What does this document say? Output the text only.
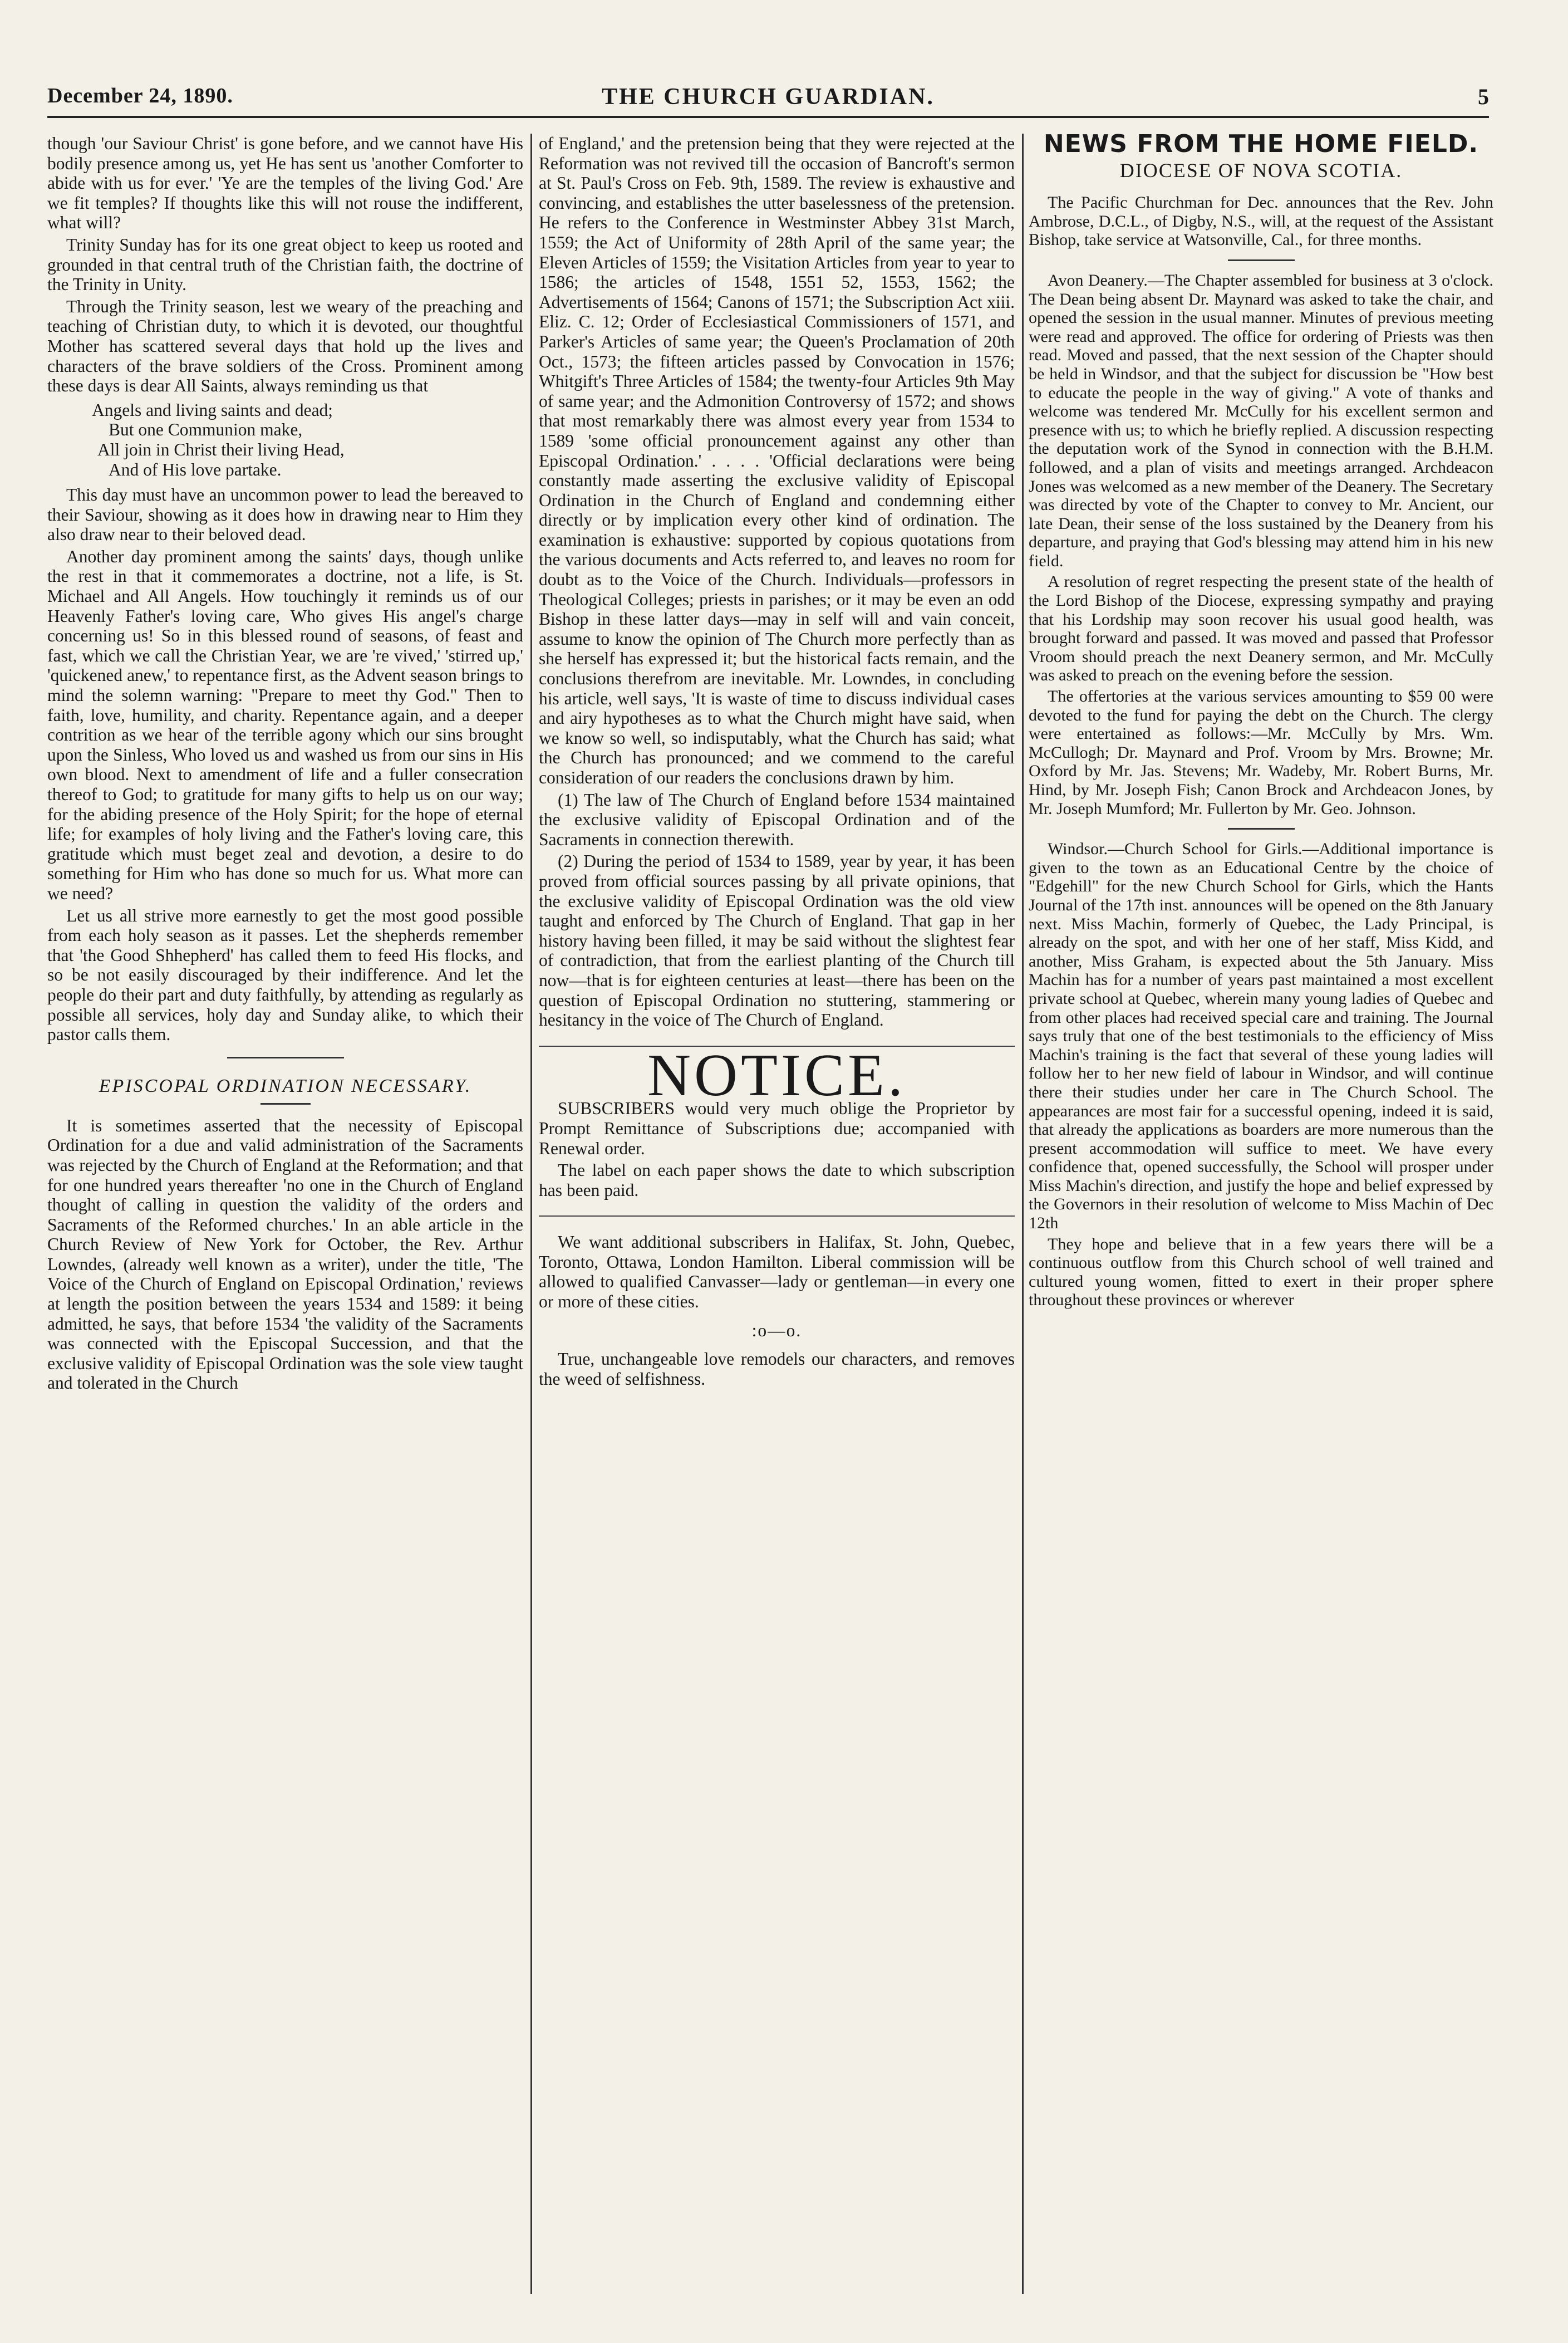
THE CHURCH GUARDIAN.
December 24, 1890.	5

though 'our Saviour Christ' is gone before, and we cannot have His bodily presence among us, yet He has sent us 'another Comforter to abide with us for ever.' 'Ye are the temples of the living God.' Are we fit temples? If thoughts like this will not rouse the indifferent, what will?

Trinity Sunday has for its one great object to keep us rooted and grounded in that central truth of the Christian faith, the doctrine of the Trinity in Unity.

Through the Trinity season, lest we weary of the preaching and teaching of Christian duty, to which it is devoted, our thoughtful Mother has scattered several days that hold up the lives and characters of the brave soldiers of the Cross. Prominent among these days is dear All Saints, always reminding us that

Angels and living saints and dead;
But one Communion make,
All join in Christ their living Head,
And of His love partake.

This day must have an uncommon power to lead the bereaved to their Saviour, showing as it does how in drawing near to Him they also draw near to their beloved dead.

Another day prominent among the saints' days, though unlike the rest in that it commemorates a doctrine, not a life, is St. Michael and All Angels. How touchingly it reminds us of our Heavenly Father's loving care, Who gives His angel's charge concerning us! So in this blessed round of seasons, of feast and fast, which we call the Christian Year, we are 're vived,' 'stirred up,' 'quickened anew,' to repentance first, as the Advent season brings to mind the solemn warning: "Prepare to meet thy God." Then to faith, love, humility, and charity. Repentance again, and a deeper contrition as we hear of the terrible agony which our sins brought upon the Sinless, Who loved us and washed us from our sins in His own blood. Next to amendment of life and a fuller consecration thereof to God; to gratitude for many gifts to help us on our way; for the abiding presence of the Holy Spirit; for the hope of eternal life; for examples of holy living and the Father's loving care, this gratitude which must beget zeal and devotion, a desire to do something for Him who has done so much for us. What more can we need?

Let us all strive more earnestly to get the most good possible from each holy season as it passes. Let the shepherds remember that 'the Good Shhepherd' has called them to feed His flocks, and so be not easily discouraged by their indifference. And let the people do their part and duty faithfully, by attending as regularly as possible all services, holy day and Sunday alike, to which their pastor calls them.

EPISCOPAL ORDINATION NECESSARY.

It is sometimes asserted that the necessity of Episcopal Ordination for a due and valid administration of the Sacraments was rejected by the Church of England at the Reformation; and that for one hundred years thereafter 'no one in the Church of England thought of calling in question the validity of the orders and Sacraments of the Reformed churches.' In an able article in the Church Review of New York for October, the Rev. Arthur Lowndes, (already well known as a writer), under the title, 'The Voice of the Church of England on Episcopal Ordination,' reviews at length the position between the years 1534 and 1589: it being admitted, he says, that before 1534 'the validity of the Sacraments was connected with the Episcopal Succession, and that the exclusive validity of Episcopal Ordination was the sole view taught and tolerated in the Church

of England,' and the pretension being that they were rejected at the Reformation was not revived till the occasion of Bancroft's sermon at St. Paul's Cross on Feb. 9th, 1589. The review is exhaustive and convincing, and establishes the utter baselessness of the pretension. He refers to the Conference in Westminster Abbey 31st March, 1559; the Act of Uniformity of 28th April of the same year; the Eleven Articles of 1559; the Visitation Articles from year to year to 1586; the articles of 1548, 1551 52, 1553, 1562; the Advertisements of 1564; Canons of 1571; the Subscription Act xiii. Eliz. C. 12; Order of Ecclesiastical Commissioners of 1571, and Parker's Articles of same year; the Queen's Proclamation of 20th Oct., 1573; the fifteen articles passed by Convocation in 1576; Whitgift's Three Articles of 1584; the twenty-four Articles 9th May of same year; and the Admonition Controversy of 1572; and shows that most remarkably there was almost every year from 1534 to 1589 'some official pronouncement against any other than Episcopal Ordination.' . . . . 'Official declarations were being constantly made asserting the exclusive validity of Episcopal Ordination in the Church of England and condemning either directly or by implication every other kind of ordination. The examination is exhaustive: supported by copious quotations from the various documents and Acts referred to, and leaves no room for doubt as to the Voice of the Church. Individuals—professors in Theological Colleges; priests in parishes; or it may be even an odd Bishop in these latter days—may in self will and vain conceit, assume to know the opinion of The Church more perfectly than as she herself has expressed it; but the historical facts remain, and the conclusions therefrom are inevitable. Mr. Lowndes, in concluding his article, well says, 'It is waste of time to discuss individual cases and airy hypotheses as to what the Church might have said, when we know so well, so indisputably, what the Church has said; what the Church has pronounced; and we commend to the careful consideration of our readers the conclusions drawn by him.

(1) The law of The Church of England before 1534 maintained the exclusive validity of Episcopal Ordination and of the Sacraments in connection therewith.

(2) During the period of 1534 to 1589, year by year, it has been proved from official sources passing by all private opinions, that the exclusive validity of Episcopal Ordination was the old view taught and enforced by The Church of England. That gap in her history having been filled, it may be said without the slightest fear of contradiction, that from the earliest planting of the Church till now—that is for eighteen centuries at least—there has been on the question of Episcopal Ordination no stuttering, stammering or hesitancy in the voice of The Church of England.

NOTICE.

SUBSCRIBERS would very much oblige the Proprietor by Prompt Remittance of Subscriptions due; accompanied with Renewal order.

The label on each paper shows the date to which subscription has been paid.

We want additional subscribers in Halifax, St. John, Quebec, Toronto, Ottawa, London Hamilton. Liberal commission will be allowed to qualified Canvasser—lady or gentleman—in every one or more of these cities.

:o—o.

True, unchangeable love remodels our characters, and removes the weed of selfishness.

NEWS FROM THE HOME FIELD.
DIOCESE OF NOVA SCOTIA.

The Pacific Churchman for Dec. announces that the Rev. John Ambrose, D.C.L., of Digby, N.S., will, at the request of the Assistant Bishop, take service at Watsonville, Cal., for three months.

Avon Deanery.—The Chapter assembled for business at 3 o'clock. The Dean being absent Dr. Maynard was asked to take the chair, and opened the session in the usual manner. Minutes of previous meeting were read and approved. The office for ordering of Priests was then read. Moved and passed, that the next session of the Chapter should be held in Windsor, and that the subject for discussion be "How best to educate the people in the way of giving." A vote of thanks and welcome was tendered Mr. McCully for his excellent sermon and presence with us; to which he briefly replied. A discussion respecting the deputation work of the Synod in connection with the B.H.M. followed, and a plan of visits and meetings arranged. Archdeacon Jones was welcomed as a new member of the Deanery. The Secretary was directed by vote of the Chapter to convey to Mr. Ancient, our late Dean, their sense of the loss sustained by the Deanery from his departure, and praying that God's blessing may attend him in his new field.

A resolution of regret respecting the present state of the health of the Lord Bishop of the Diocese, expressing sympathy and praying that his Lordship may soon recover his usual good health, was brought forward and passed. It was moved and passed that Professor Vroom should preach the next Deanery sermon, and Mr. McCully was asked to preach on the evening before the session.

The offertories at the various services amounting to $59 00 were devoted to the fund for paying the debt on the Church. The clergy were entertained as follows:—Mr. McCully by Mrs. Wm. McCullogh; Dr. Maynard and Prof. Vroom by Mrs. Browne; Mr. Oxford by Mr. Jas. Stevens; Mr. Wadeby, Mr. Robert Burns, Mr. Hind, by Mr. Joseph Fish; Canon Brock and Archdeacon Jones, by Mr. Joseph Mumford; Mr. Fullerton by Mr. Geo. Johnson.

Windsor.—Church School for Girls.—Additional importance is given to the town as an Educational Centre by the choice of "Edgehill" for the new Church School for Girls, which the Hants Journal of the 17th inst. announces will be opened on the 8th January next. Miss Machin, formerly of Quebec, the Lady Principal, is already on the spot, and with her one of her staff, Miss Kidd, and another, Miss Graham, is expected about the 5th January. Miss Machin has for a number of years past maintained a most excellent private school at Quebec, wherein many young ladies of Quebec and from other places had received special care and training. The Journal says truly that one of the best testimonials to the efficiency of Miss Machin's training is the fact that several of these young ladies will follow her to her new field of labour in Windsor, and will continue there their studies under her care in The Church School. The appearances are most fair for a successful opening, indeed it is said, that already the applications as boarders are more numerous than the present accommodation will suffice to meet. We have every confidence that, opened successfully, the School will prosper under Miss Machin's direction, and justify the hope and belief expressed by the Governors in their resolution of welcome to Miss Machin of Dec 12th

They hope and believe that in a few years there will be a continuous outflow from this Church school of well trained and cultured young women, fitted to exert in their proper sphere throughout these provinces or wherever
